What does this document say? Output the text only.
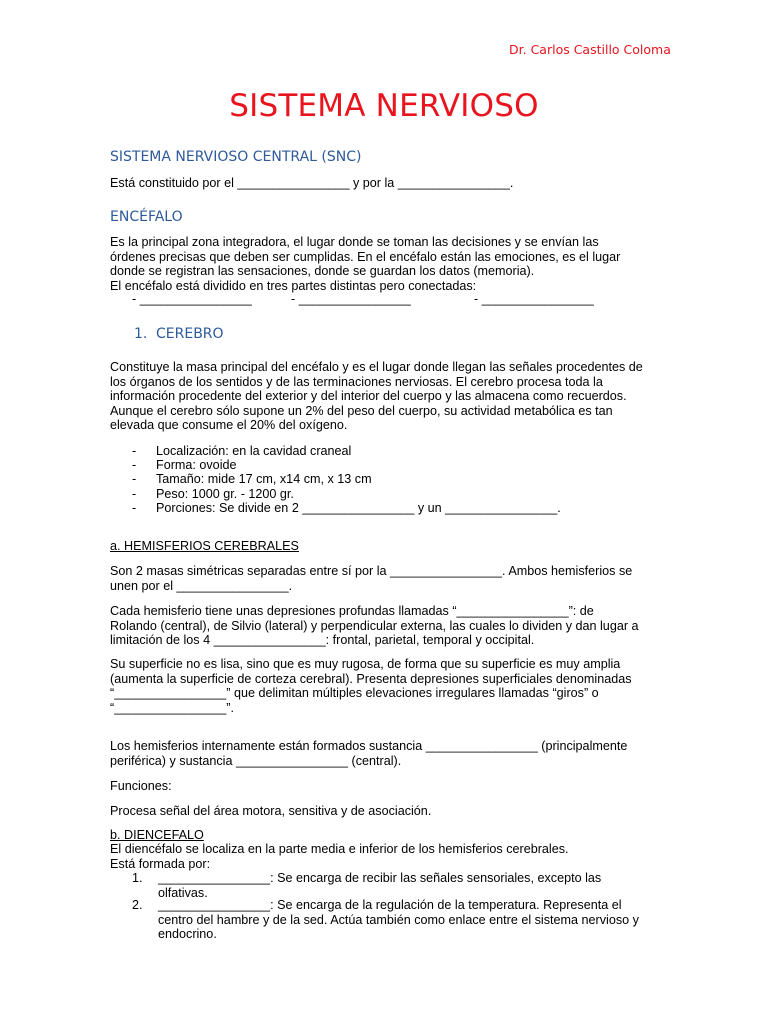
Dr. Carlos Castillo Coloma
SISTEMA NERVIOSO
SISTEMA NERVIOSO CENTRAL (SNC)
Está constituido por el ________________ y por la ________________.
ENCÉFALO
Es la principal zona integradora, el lugar donde se toman las decisiones y se envían las
órdenes precisas que deben ser cumplidas. En el encéfalo están las emociones, es el lugar
donde se registran las sensaciones, donde se guardan los datos (memoria).
El encéfalo está dividido en tres partes distintas pero conectadas:
- ________________	- ________________	- ________________
1. CEREBRO
Constituye la masa principal del encéfalo y es el lugar donde llegan las señales procedentes de
los órganos de los sentidos y de las terminaciones nerviosas. El cerebro procesa toda la
información procedente del exterior y del interior del cuerpo y las almacena como recuerdos.
Aunque el cerebro sólo supone un 2% del peso del cuerpo, su actividad metabólica es tan
elevada que consume el 20% del oxígeno.
- Localización: en la cavidad craneal
- Forma: ovoide
- Tamaño: mide 17 cm, x14 cm, x 13 cm
- Peso: 1000 gr. - 1200 gr.
- Porciones: Se divide en 2 ________________ y un ________________.
a. HEMISFERIOS CEREBRALES
Son 2 masas simétricas separadas entre sí por la ________________. Ambos hemisferios se
unen por el ________________.
Cada hemisferio tiene unas depresiones profundas llamadas “________________”: de
Rolando (central), de Silvio (lateral) y perpendicular externa, las cuales lo dividen y dan lugar a
limitación de los 4 ________________: frontal, parietal, temporal y occipital.
Su superficie no es lisa, sino que es muy rugosa, de forma que su superficie es muy amplia
(aumenta la superficie de corteza cerebral). Presenta depresiones superficiales denominadas
“________________” que delimitan múltiples elevaciones irregulares llamadas “giros” o
“________________”.
Los hemisferios internamente están formados sustancia ________________ (principalmente
periférica) y sustancia ________________ (central).
Funciones:
Procesa señal del área motora, sensitiva y de asociación.
b. DIENCEFALO
El diencéfalo se localiza en la parte media e inferior de los hemisferios cerebrales.
Está formada por:
1. ________________: Se encarga de recibir las señales sensoriales, excepto las
olfativas.
2. ________________: Se encarga de la regulación de la temperatura. Representa el
centro del hambre y de la sed. Actúa también como enlace entre el sistema nervioso y
endocrino.
